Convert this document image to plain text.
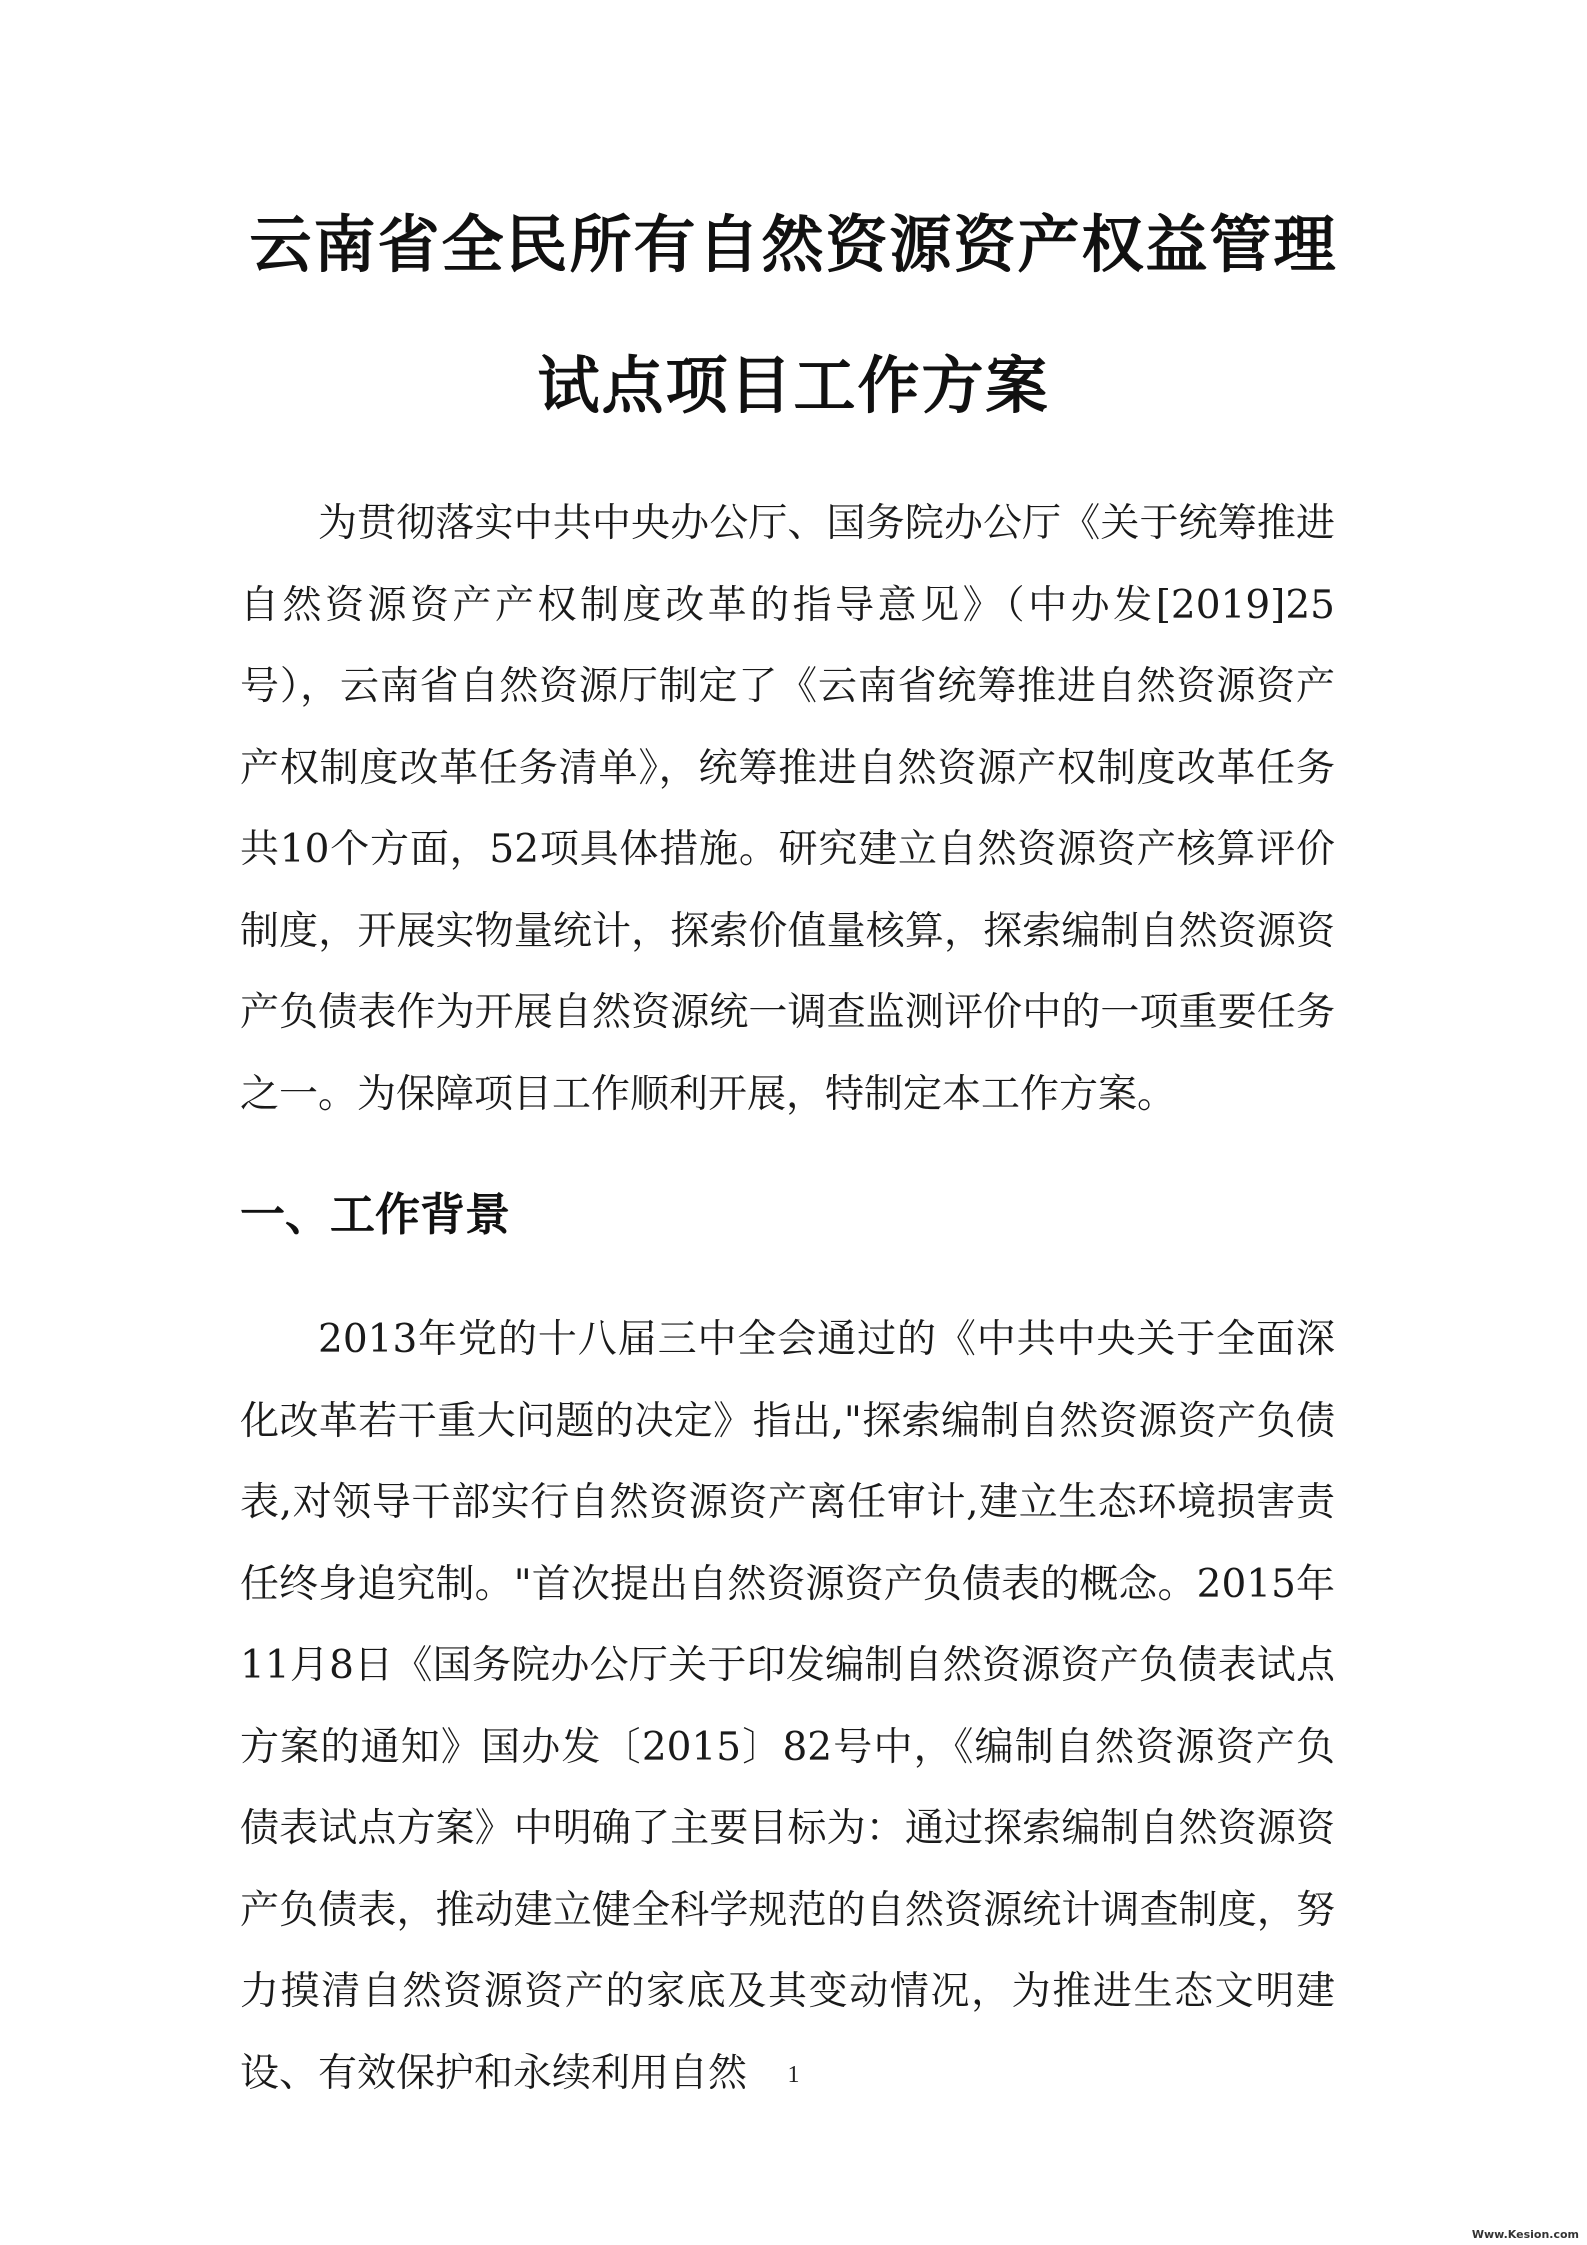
云南省全民所有自然资源资产权益管理
试点项目工作方案

为贯彻落实中共中央办公厅、国务院办公厅《关于统筹推进自然资源资产产权制度改革的指导意见》（中办发[2019]25号），云南省自然资源厅制定了《云南省统筹推进自然资源资产产权制度改革任务清单》，统筹推进自然资源产权制度改革任务共10个方面，52项具体措施。研究建立自然资源资产核算评价制度，开展实物量统计，探索价值量核算，探索编制自然资源资产负债表作为开展自然资源统一调查监测评价中的一项重要任务之一。为保障项目工作顺利开展，特制定本工作方案。

一、工作背景

2013年党的十八届三中全会通过的《中共中央关于全面深化改革若干重大问题的决定》指出,"探索编制自然资源资产负债表,对领导干部实行自然资源资产离任审计,建立生态环境损害责任终身追究制。"首次提出自然资源资产负债表的概念。2015年11月8日《国务院办公厅关于印发编制自然资源资产负债表试点方案的通知》国办发〔2015〕82号中，《编制自然资源资产负债表试点方案》中明确了主要目标为：通过探索编制自然资源资产负债表，推动建立健全科学规范的自然资源统计调查制度，努力摸清自然资源资产的家底及其变动情况，为推进生态文明建设、有效保护和永续利用自然	1
Www.Kesion.com
